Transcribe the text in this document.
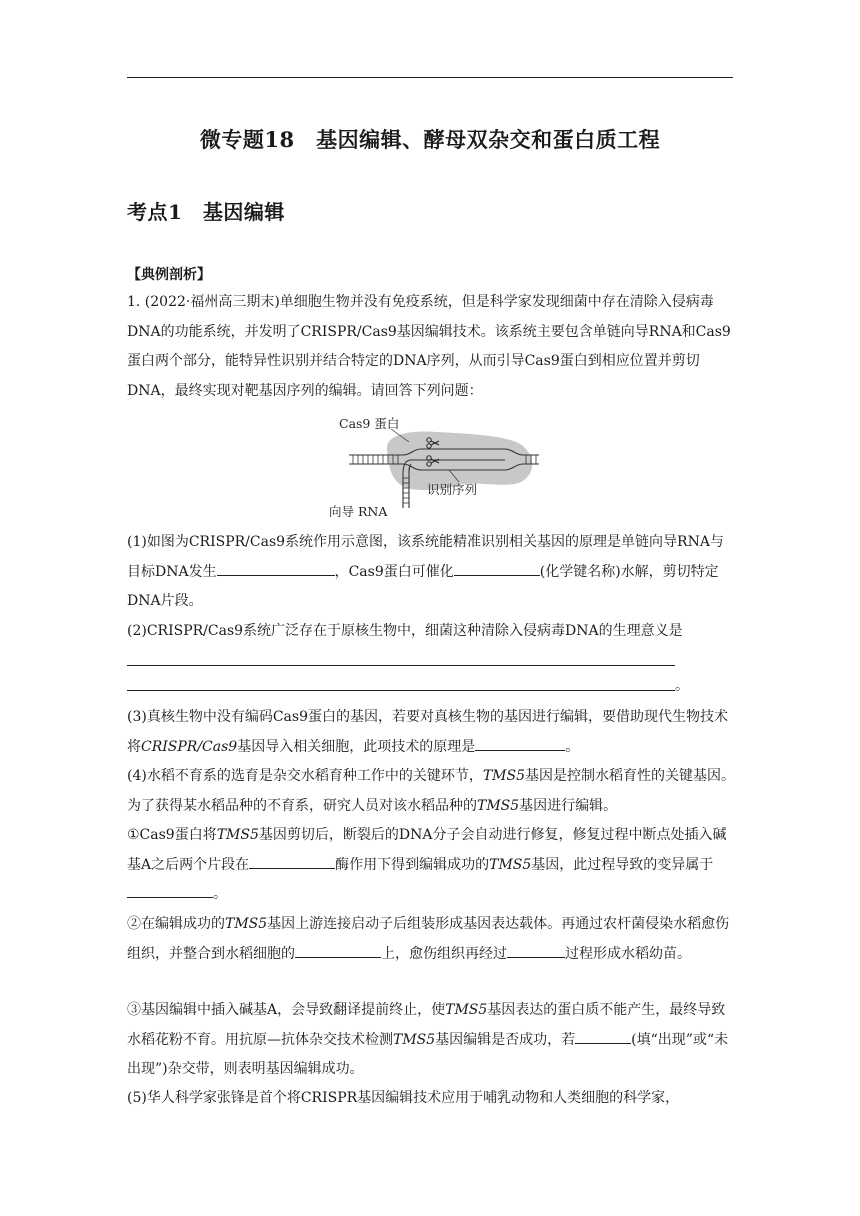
微专题18　基因编辑、酵母双杂交和蛋白质工程
考点1　基因编辑
【典例剖析】

1. (2022·福州高三期末)单细胞生物并没有免疫系统，但是科学家发现细菌中存在清除入侵病毒DNA的功能系统，并发明了CRISPR/Cas9基因编辑技术。该系统主要包含单链向导RNA和Cas9蛋白两个部分，能特异性识别并结合特定的DNA序列，从而引导Cas9蛋白到相应位置并剪切DNA，最终实现对靶基因序列的编辑。请回答下列问题：

Cas9 蛋白
识别序列
向导 RNA

(1)如图为CRISPR/Cas9系统作用示意图，该系统能精准识别相关基因的原理是单链向导RNA与目标DNA发生	，Cas9蛋白可催化	(化学键名称)水解，剪切特定DNA片段。

(2)CRISPR/Cas9系统广泛存在于原核生物中，细菌这种清除入侵病毒DNA的生理意义是

。

(3)真核生物中没有编码Cas9蛋白的基因，若要对真核生物的基因进行编辑，要借助现代生物技术将CRISPR/Cas9基因导入相关细胞，此项技术的原理是	。

(4)水稻不育系的选育是杂交水稻育种工作中的关键环节，TMS5基因是控制水稻育性的关键基因。为了获得某水稻品种的不育系，研究人员对该水稻品种的TMS5基因进行编辑。

①Cas9蛋白将TMS5基因剪切后，断裂后的DNA分子会自动进行修复，修复过程中断点处插入碱基A之后两个片段在	酶作用下得到编辑成功的TMS5基因，此过程导致的变异属于。

②在编辑成功的TMS5基因上游连接启动子后组装形成基因表达载体。再通过农杆菌侵染水稻愈伤组织，并整合到水稻细胞的	上，愈伤组织再经过	过程形成水稻幼苗。

③基因编辑中插入碱基A，会导致翻译提前终止，使TMS5基因表达的蛋白质不能产生，最终导致水稻花粉不育。用抗原—抗体杂交技术检测TMS5基因编辑是否成功，若	(填“出现”或“未出现”)杂交带，则表明基因编辑成功。

(5)华人科学家张锋是首个将CRISPR基因编辑技术应用于哺乳动物和人类细胞的科学家，
